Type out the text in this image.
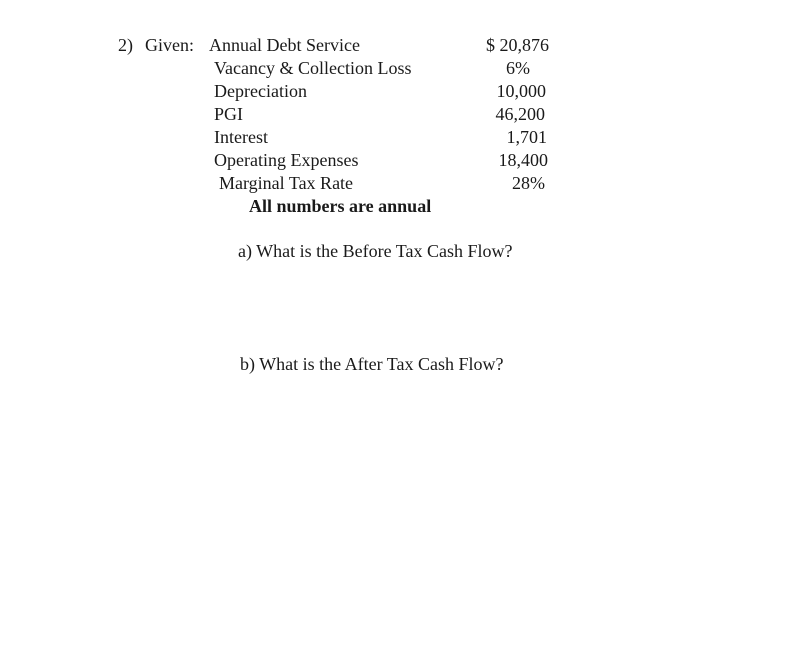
2) Given: Annual Debt Service
Vacancy & Collection Loss
Depreciation
PGI
Interest
Operating Expenses
Marginal Tax Rate
$ 20,876
6%
10,000
46,200
1,701
18,400
28%
All numbers are annual
a) What is the Before Tax Cash Flow?
b) What is the After Tax Cash Flow?
